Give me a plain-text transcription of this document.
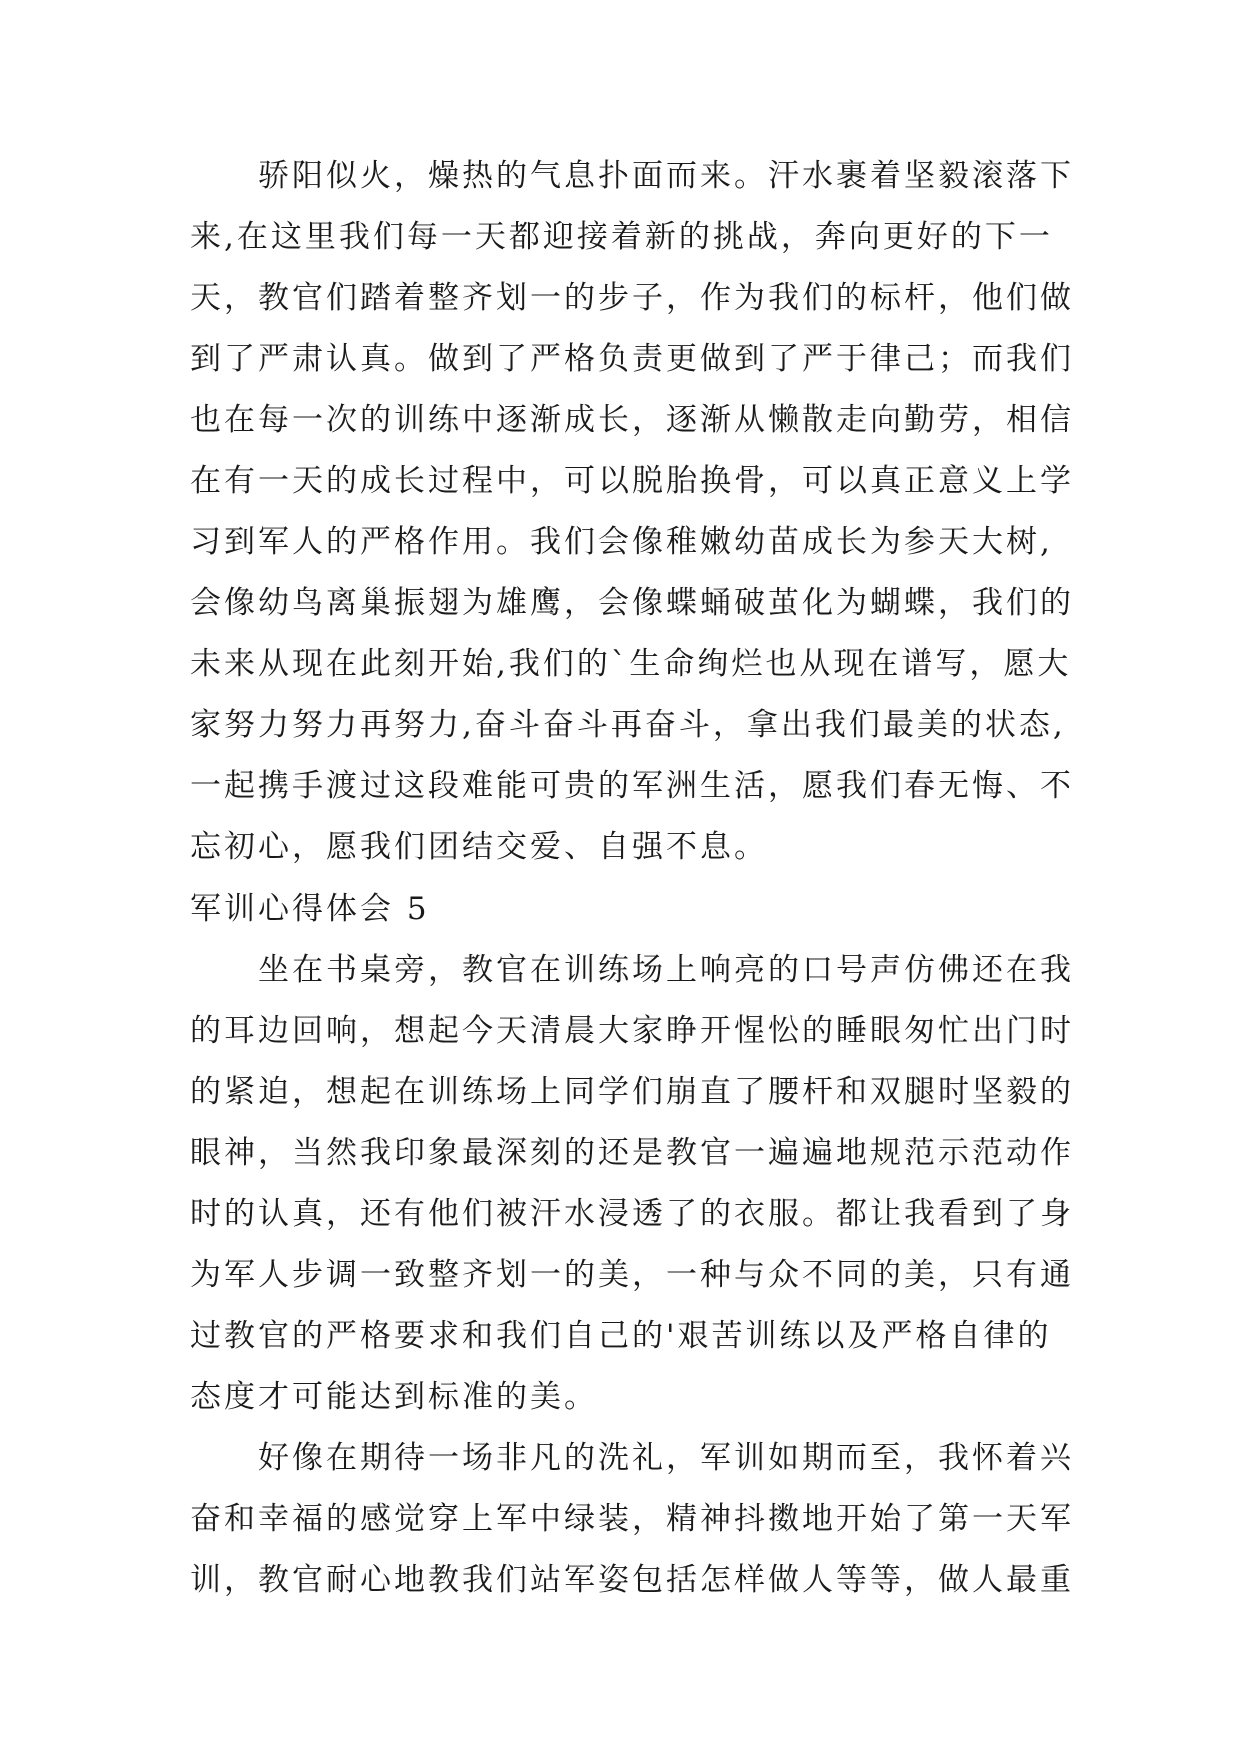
　　骄阳似火，燥热的气息扑面而来。汗水裹着坚毅滚落下
来,在这里我们每一天都迎接着新的挑战，奔向更好的下一
天，教官们踏着整齐划一的步子，作为我们的标杆，他们做
到了严肃认真。做到了严格负责更做到了严于律己；而我们
也在每一次的训练中逐渐成长，逐渐从懒散走向勤劳，相信
在有一天的成长过程中，可以脱胎换骨，可以真正意义上学
习到军人的严格作用。我们会像稚嫩幼苗成长为参天大树,
会像幼鸟离巢振翅为雄鹰，会像蝶蛹破茧化为蝴蝶，我们的
未来从现在此刻开始,我们的`生命绚烂也从现在谱写，愿大
家努力努力再努力,奋斗奋斗再奋斗，拿出我们最美的状态,
一起携手渡过这段难能可贵的军洲生活，愿我们春无悔、不
忘初心，愿我们团结交爱、自强不息。
军训心得体会 5
　　坐在书桌旁，教官在训练场上响亮的口号声仿佛还在我
的耳边回响，想起今天清晨大家睁开惺忪的睡眼匆忙出门时
的紧迫，想起在训练场上同学们崩直了腰杆和双腿时坚毅的
眼神，当然我印象最深刻的还是教官一遍遍地规范示范动作
时的认真，还有他们被汗水浸透了的衣服。都让我看到了身
为军人步调一致整齐划一的美，一种与众不同的美，只有通
过教官的严格要求和我们自己的'艰苦训练以及严格自律的
态度才可能达到标准的美。
　　好像在期待一场非凡的洗礼，军训如期而至，我怀着兴
奋和幸福的感觉穿上军中绿装，精神抖擞地开始了第一天军
训，教官耐心地教我们站军姿包括怎样做人等等，做人最重
